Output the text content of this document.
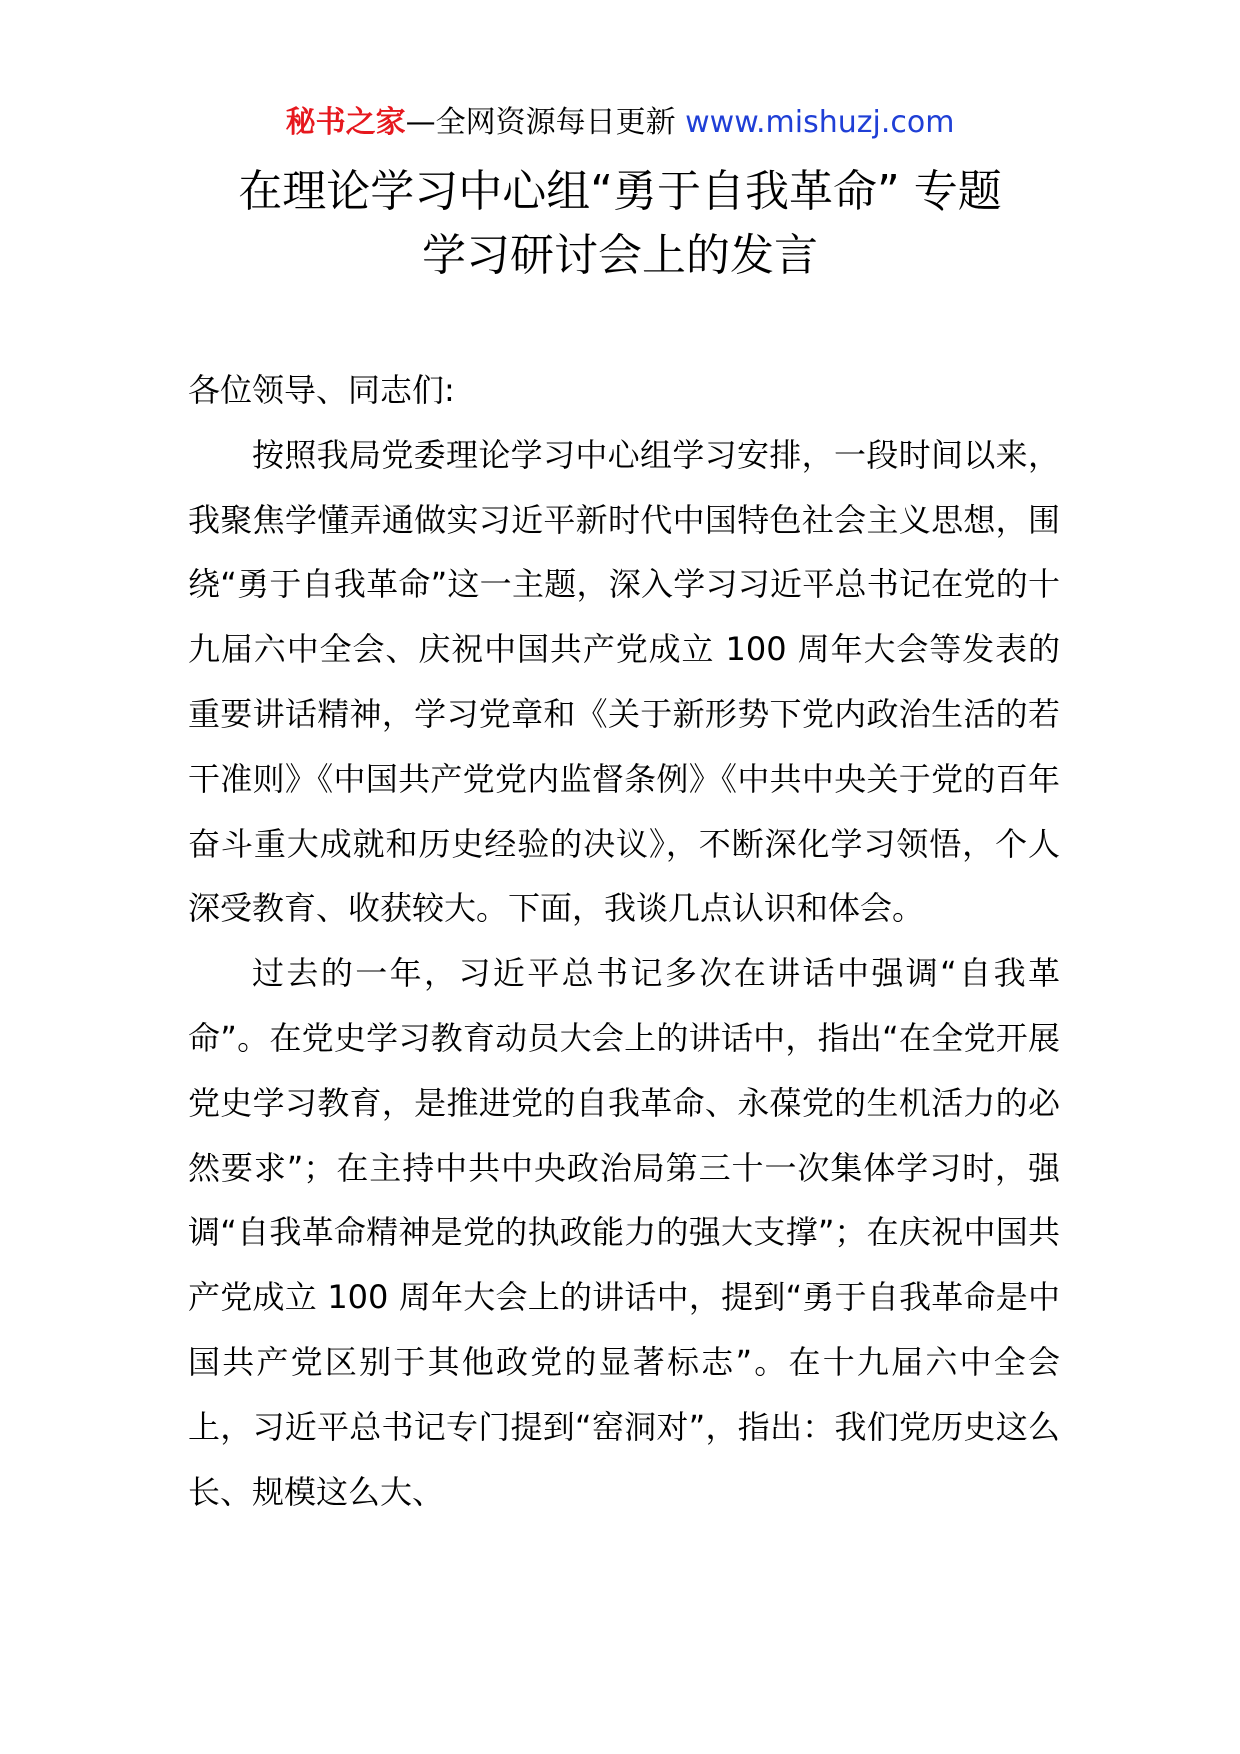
秘书之家—全网资源每日更新 www.mishuzj.com
在理论学习中心组“勇于自我革命” 专题
学习研讨会上的发言

各位领导、同志们:

按照我局党委理论学习中心组学习安排，一段时间以来，我聚焦学懂弄通做实习近平新时代中国特色社会主义思想，围绕“勇于自我革命”这一主题，深入学习习近平总书记在党的十九届六中全会、庆祝中国共产党成立 100 周年大会等发表的重要讲话精神，学习党章和《关于新形势下党内政治生活的若干准则》《中国共产党党内监督条例》《中共中央关于党的百年奋斗重大成就和历史经验的决议》，不断深化学习领悟，个人深受教育、收获较大。下面，我谈几点认识和体会。

过去的一年，习近平总书记多次在讲话中强调“自我革命”。在党史学习教育动员大会上的讲话中，指出“在全党开展党史学习教育，是推进党的自我革命、永葆党的生机活力的必然要求”；在主持中共中央政治局第三十一次集体学习时，强调“自我革命精神是党的执政能力的强大支撑”；在庆祝中国共产党成立 100 周年大会上的讲话中，提到“勇于自我革命是中国共产党区别于其他政党的显著标志”。在十九届六中全会上，习近平总书记专门提到“窑洞对”，指出：我们党历史这么长、规模这么大、
